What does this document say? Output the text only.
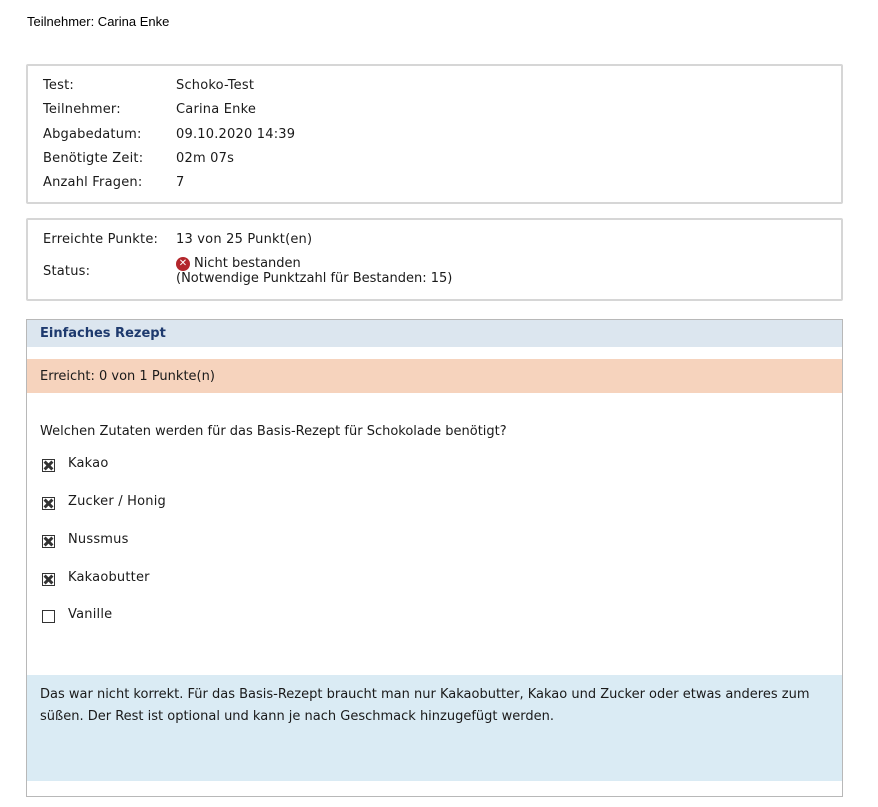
Teilnehmer: Carina Enke
Test:	Schoko-Test
Teilnehmer:	Carina Enke
Abgabedatum:	09.10.2020 14:39
Benötigte Zeit:	02m 07s
Anzahl Fragen:	7
Erreichte Punkte: 13 von 25 Punkt(en)
Status:
✕ Nicht bestanden
(Notwendige Punktzahl für Bestanden: 15)
Einfaches Rezept
Erreicht: 0 von 1 Punkte(n)
Welchen Zutaten werden für das Basis-Rezept für Schokolade benötigt?
Kakao
Zucker / Honig
Nussmus
Kakaobutter
Vanille
Das war nicht korrekt. Für das Basis-Rezept braucht man nur Kakaobutter, Kakao und Zucker oder etwas anderes zum süßen. Der Rest ist optional und kann je nach Geschmack hinzugefügt werden.
